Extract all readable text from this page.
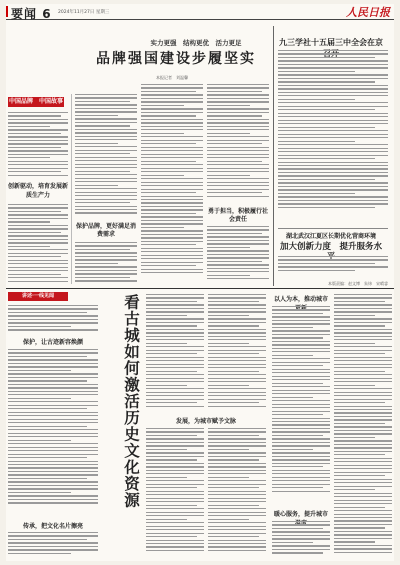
要闻 6 2024年11月27日 星期三	人民日报
实力更强　结构更优　活力更足
品牌强国建设步履坚实
本报记者　刘温馨
中国品牌　中国故事
创新驱动，培育发展新质生产力
保护品牌，更好满足消费需求
勇于担当，积极履行社会责任
九三学社十五届三中全会在京
湖北武汉江夏区长期优化营商环境
加大创新力度　提升服务水
本版责编：赵文博　朱炜　宋晴睿
讲述·一线见闻
保护，让古迹新容焕颜
传承，把文化名片擦亮
看古城如何激活历史文化资源	发展，为城市赋予文脉
以人为本，推动城市
暖心服务，提升城市
